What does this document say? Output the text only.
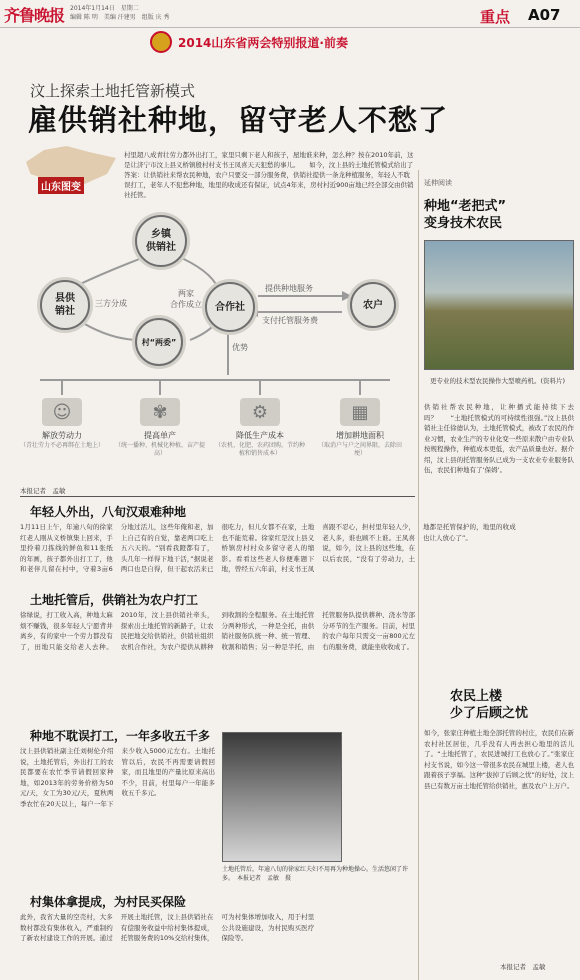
齐鲁晚报 2014年1月14日　星期二
编辑 陈 明　美编 汗建男　组版 庆 秀	重点 A07
2014山东省两会特别报道·前奏
汶上探索土地托管新模式
雇供销社种地，留守老人不愁了
山东图变
村里超八成青壮劳力都外出打工，家里只剩下老人和孩子，屋地谁来种，怎么种？按在2010年前，这是让济宁市汶上县义桥镇殷村村支书王凤喜天天犯愁的事儿。　　如今，汶上县的土地托管模式给出了答案：让供销社来帮农民种地，农户只要交一部分服务费，供销社提供一条龙种植服务，年轻人不耽误打工，老年人不犯愁种地，地里的收成还有保证，试点4年来，房村村近900亩地已经全部交由供销社托管。
乡镇
供销社
县供
销社	合作社	农户
村“两委”
三方分成
两家
合作成立
提供种地服务
支付托管服务费
优势
☺	✾	⚙	▦
解放劳动力
（青壮劳力不必再绑在土地上）
提高单产
（统一播种、机械化种植，亩产提高）
降低生产成本
（农机、化肥、农药团购，节约种植和销售成本）
增加耕地面积
（取消户与户之间界限，去除田埂）
本报记者　孟敏
年轻人外出，八旬汉艰难种地
1月11日上午，年逾八旬的徐家红老人刚从义桥镇集上回来，手里拎着刀拣线的鲜鱼和11张纸的年画，孩子都外出打工了，他和老伴儿留在村中，守着3亩6分地过活儿，这些年俺和老，加上自己有的自觉，靠老两口吃上五六天的。“别看我蹬都有了，头几年一样得下地干活，”据说老两口也是自得，但干起农活来已很吃力，但儿女都不在家，土地也不能荒着。徐家红是汶上县义桥镇房村村众多留守老人的缩影。看看这些老人你便难题下地，曾经五六年前，村支书王凤喜跟不忍心，担村里年轻人少，老人多，谁也顾不上谁。王凤喜说，如今，汶上县的这些地，在以后农民，“没有了劳动力，土地都是托管保护的，地里的收成也让人放心了”。
土地托管后，供销社为农户打工
徐绿说，打工收入高，种地太麻烦不赚钱，很多年轻人宁愿背井离乡，有的家中一个劳力都没有了，田地只能交给老人去种。2010年，汶上县供销社牵头，探索出土地托管的新路子，让农民把地交给供销社，供销社组织农机合作社，为农户提供从耕种到收割的全程服务。在土地托管分两种形式，一种是全托，由供销社服务队统一种、统一管理、收割和销售；另一种是半托，由托管服务队提供耕种、浇水等部分环节的生产服务。目前，村里的农户每年只需交一亩800元左右的服务费，就能坐收收成了。
种地不耽误打工，一年多收五千多
汶上县供销社副主任刘树伦介绍说，土地托管后，外出打工的农民都要在农忙季节请假回家种地，如2013年的劳务价格为50元/天，女工为30元/天，夏秋两季农忙在20天以上，每户一年下来少收入5000元左右。土地托管以后，农民不再需要请假回家，而且地里的产量比原来高出不少，目前，村里每户一年能多收五千多元。
土地托管后，年逾八旬的徐家红夫妇不用再为种地操心。生活悠闲了许多。　本报记者　孟敏　摄
村集体拿提成，为村民买保险
此外，我省大量的空壳村，大多数村都没有集体收入，严重制约了新农村建设工作的开展。通过开展土地托管，汶上县供销社在有偿服务收益中给村集体提成，托管服务费的10%交给村集体，可为村集体增加收入，用于村里公共设施建设，为村民购买医疗保险等。
延伸阅读
种地“老把式”
变身技术农民
更专业的技术型农民操作大型喷药机。(资料片)
供销社帮农民种地，让种播式能持续下去吗？　　“土地托管模式的可持续性很强。”汶上县供销社主任徐德认为，土地托管模式，被改了农民的作业习惯，农业生产的专业化变一些原来散户由专业队按规程操作，种植成本更低，农产品质量也好。据介绍，汶上县的托管服务队已成为一支农业专业服务队伍，农民们种地有了‘保姆’。
农民上楼
少了后顾之忧
如今，张家庄种植土地全部托管的村庄，农民们在新农村社区居住，几乎没有人再去担心地里的活儿了。“土地托管了，农民进城打工也放心了。”张家庄村支书说，如今这一带很多农民在城里上楼，老人也跟着孩子享福。这种“拔掉了后顾之忧”的好处，汶上县已有数万亩土地托管给供销社，惠及农户上万户。
本报记者　孟敏
